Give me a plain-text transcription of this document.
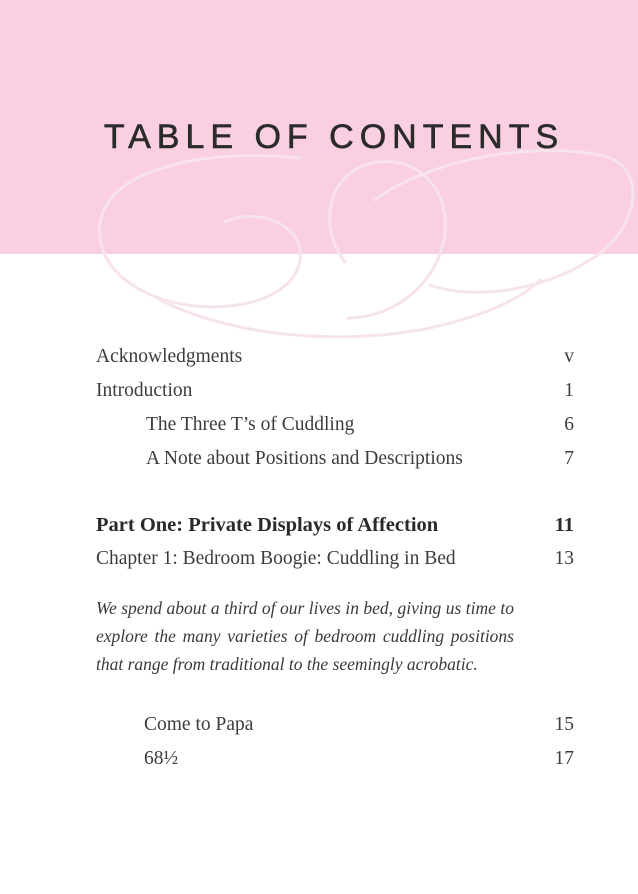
TABLE OF CONTENTS
Acknowledgments	v
Introduction	1
The Three T’s of Cuddling	6
A Note about Positions and Descriptions	7
Part One: Private Displays of Affection	11
Chapter 1: Bedroom Boogie: Cuddling in Bed	13

We spend about a third of our lives in bed, giving us time to explore the many varieties of bedroom cuddling positions that range from traditional to the seemingly acrobatic.

Come to Papa	15
68½	17
